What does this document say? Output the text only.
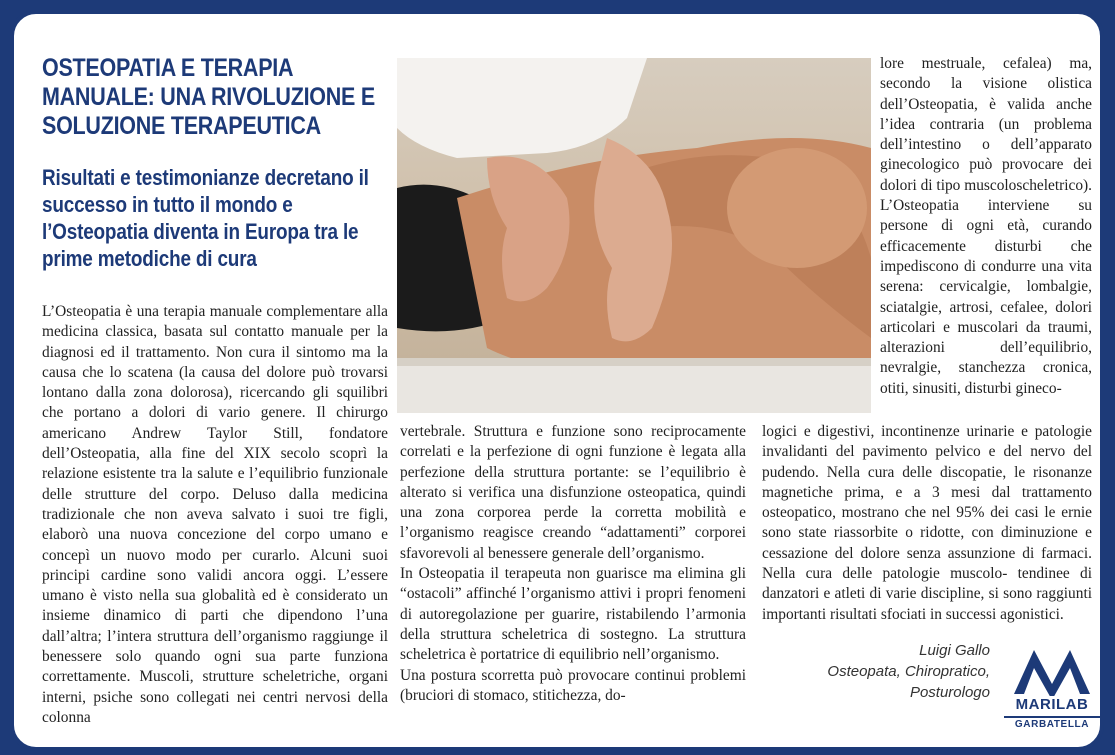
OSTEOPATIA E TERAPIA MANUALE: UNA RIVOLUZIONE E SOLUZIONE TERAPEUTICA
Risultati e testimonianze decretano il successo in tutto il mondo e l’Osteopatia diventa in Europa tra le prime metodiche di cura

L’Osteopatia è una terapia manuale complementare alla medicina classica, basata sul contatto manuale per la diagnosi ed il trattamento. Non cura il sintomo ma la causa che lo scatena (la causa del dolore può trovarsi lontano dalla zona dolorosa), ricercando gli squilibri che portano a dolori di vario genere. Il chirurgo americano Andrew Taylor Still, fondatore dell’Osteopatia, alla fine del XIX secolo scoprì la relazione esistente tra la salute e l’equilibrio funzionale delle strutture del corpo. Deluso dalla medicina tradizionale che non aveva salvato i suoi tre figli, elaborò una nuova concezione del corpo umano e concepì un nuovo modo per curarlo. Alcuni suoi principi cardine sono validi ancora oggi. L’essere umano è visto nella sua globalità ed è considerato un insieme dinamico di parti che dipendono l’una dall’altra; l’intera struttura dell’organismo raggiunge il benessere solo quando ogni sua parte funziona correttamente. Muscoli, strutture scheletriche, organi interni, psiche sono collegati nei centri nervosi della colonna

lore mestruale, cefalea) ma, secondo la visione olistica dell’Osteopatia, è valida anche l’idea contraria (un problema dell’intestino o dell’apparato ginecologico può provocare dei dolori di tipo muscoloscheletrico). L’Osteopatia interviene su persone di ogni età, curando efficacemente disturbi che impediscono di condurre una vita serena: cervicalgie, lombalgie, sciatalgie, artrosi, cefalee, dolori articolari e muscolari da traumi, alterazioni dell’equilibrio, nevralgie, stanchezza cronica, otiti, sinusiti, disturbi gineco-

vertebrale. Struttura e funzione sono reciprocamente correlati e la perfezione di ogni funzione è legata alla perfezione della struttura portante: se l’equilibrio è alterato si verifica una disfunzione osteopatica, quindi una zona corporea perde la corretta mobilità e l’organismo reagisce creando “adattamenti” corporei sfavorevoli al benessere generale dell’organismo.

In Osteopatia il terapeuta non guarisce ma elimina gli “ostacoli” affinché l’organismo attivi i propri fenomeni di autoregolazione per guarire, ristabilendo l’armonia della struttura scheletrica di sostegno. La struttura scheletrica è portatrice di equilibrio nell’organismo.

Una postura scorretta può provocare continui problemi (bruciori di stomaco, stitichezza, do-

logici e digestivi, incontinenze urinarie e patologie invalidanti del pavimento pelvico e del nervo del pudendo. Nella cura delle discopatie, le risonanze magnetiche prima, e a 3 mesi dal trattamento osteopatico, mostrano che nel 95% dei casi le ernie sono state riassorbite o ridotte, con diminuzione e cessazione del dolore senza assunzione di farmaci. Nella cura delle patologie muscolo- tendinee di danzatori e atleti di varie discipline, si sono raggiunti importanti risultati sfociati in successi agonistici.

Luigi Gallo
Osteopata, Chiropratico,
Posturologo
MARILAB
GARBATELLA
